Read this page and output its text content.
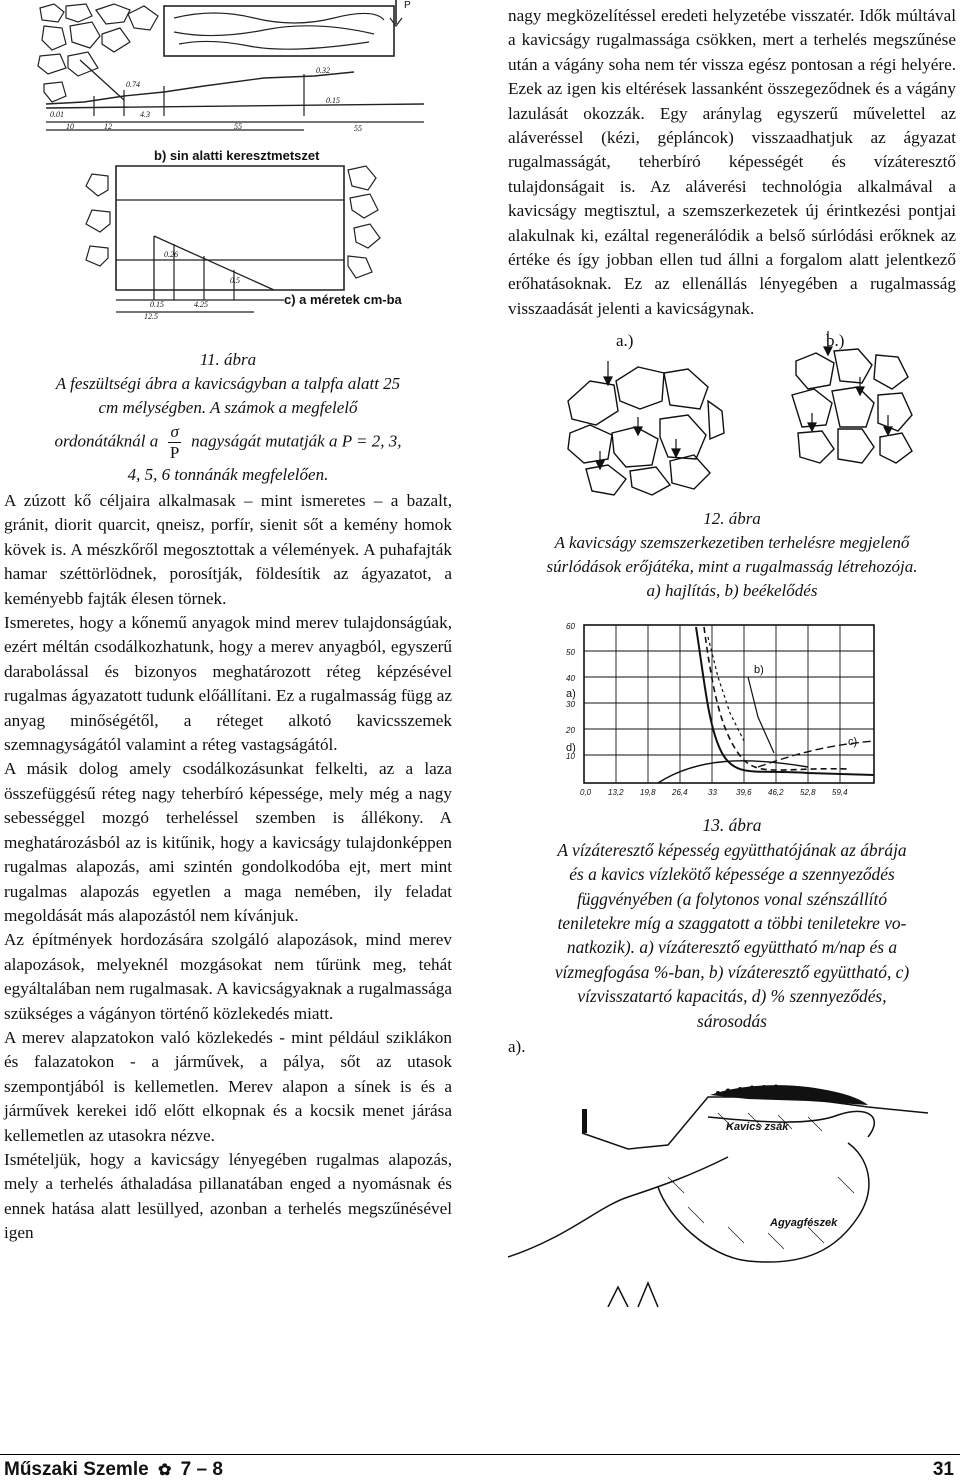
b) sin alatti keresztmetszet
c) a méretek cm-ba
P
0.74
0.32
0.01	4.3
0.15
10	12	55	55
0.26
0.5
4.25
0.15
12.5
11. ábra
A feszültségi ábra a kavicságyban a talpfa alatt 25
cm mélységben. A számok a megfelelő
ordonátáknál a $\frac{\sigma}{P}$ nagyságát mutatják a P = 2, 3,
4, 5, 6 tonnánák megfelelően.

A zúzott kő céljaira alkalmasak – mint ismeretes – a bazalt, gránit, diorit quarcit, qneisz, porfír, sienit sőt a kemény homok kövek is. A mészkőről megosztottak a vélemények. A puhafajták hamar széttörlödnek, porosítják, földesítik az ágyazatot, a keményebb fajták élesen törnek.

Ismeretes, hogy a kőnemű anyagok mind merev tulajdonságúak, ezért méltán csodálkozhatunk, hogy a merev anyagból, egyszerű darabolással és bizonyos meghatározott réteg képzésével rugalmas ágyazatott tudunk előállítani. Ez a rugalmasság függ az anyag minőségétől, a réteget alkotó kavicsszemek szemnagyságától valamint a réteg vastagságától.

A másik dolog amely csodálkozásunkat felkelti, az a laza összefüggésű réteg nagy teherbíró képessége, mely még a nagy sebességgel mozgó terheléssel szemben is állékony. A meghatározásból az is kitűnik, hogy a kavicságy tulajdonképpen rugalmas alapozás, ami szintén gondolkodóba ejt, mert mint rugalmas alapozás egyetlen a maga nemében, ily feladat megoldását más alapozástól nem kívánjuk.

Az építmények hordozására szolgáló alapozások, mind merev alapozások, melyeknél mozgásokat nem tűrünk meg, tehát egyáltalában nem rugalmasak. A kavicságyaknak a rugalmassága szükséges a vágányon történő közlekedés miatt.

A merev alapzatokon való közlekedés - mint például sziklákon és falazatokon - a járművek, a pálya, sőt az utasok szempontjából is kellemetlen. Merev alapon a sínek is és a járművek kerekei idő előtt elkopnak és a kocsik menet járása kellemetlen az utasokra nézve.

Ismételjük, hogy a kavicságy lényegében rugalmas alapozás, mely a terhelés áthaladása pillanatában enged a nyomásnak és ennek hatása alatt lesüllyed, azonban a terhelés megszűnésével igen

nagy megközelítéssel eredeti helyzetébe visszatér. Idők múltával a kavicságy rugalmassága csökken, mert a terhelés megszűnése után a vágány soha nem tér vissza egész pontosan a régi helyére. Ezek az igen kis eltérések lassanként összegeződnek és a vágány lazulását okozzák. Egy aránylag egyszerű művelettel az aláveréssel (kézi, gépláncok) visszaadhatjuk az ágyazat rugalmasságát, teherbíró képességét és vízáteresztő tulajdonságait is. Az aláverési technológia alkalmával a kavicságy megtisztul, a szemszerkezetek új érintkezési pontjai alakulnak ki, ezáltal regenerálódik a belső súrlódási erőknek az értéke és így jobban ellen tud állni a forgalom alatt jelentkező erőhatásoknak. Ez az ellenállás lényegében a rugalmasság visszaadását jelenti a kavicságynak.

a.)	b.)
12. ábra
A kavicságy szemszerkezetiben terhelésre megjelenő
súrlódások erőjátéka, mint a rugalmasság létrehozója.
a) hajlítás, b) beékelődés
60
50
40
30
20
10
0,0 13,2 19,8 26,4	33 39,6 46,2 52,8 59,4
a)
b)
c)
d)
13. ábra
A vízáteresztő képesség együtthatójának az ábrája
és a kavics vízlekötő képessége a szennyeződés
függvényében (a folytonos vonal szénszállító
teniletekre míg a szaggatott a többi teniletekre vo-
natkozik). a) vízáteresztő együttható m/nap és a
vízmegfogása %-ban, b) vízáteresztő együttható, c)
vízvisszatartó kapacitás, d) % szennyeződés,
sárosodás
a).
Kavics zsák
Agyagfészek
Műszaki Szemle ✿ 7 – 8	31
